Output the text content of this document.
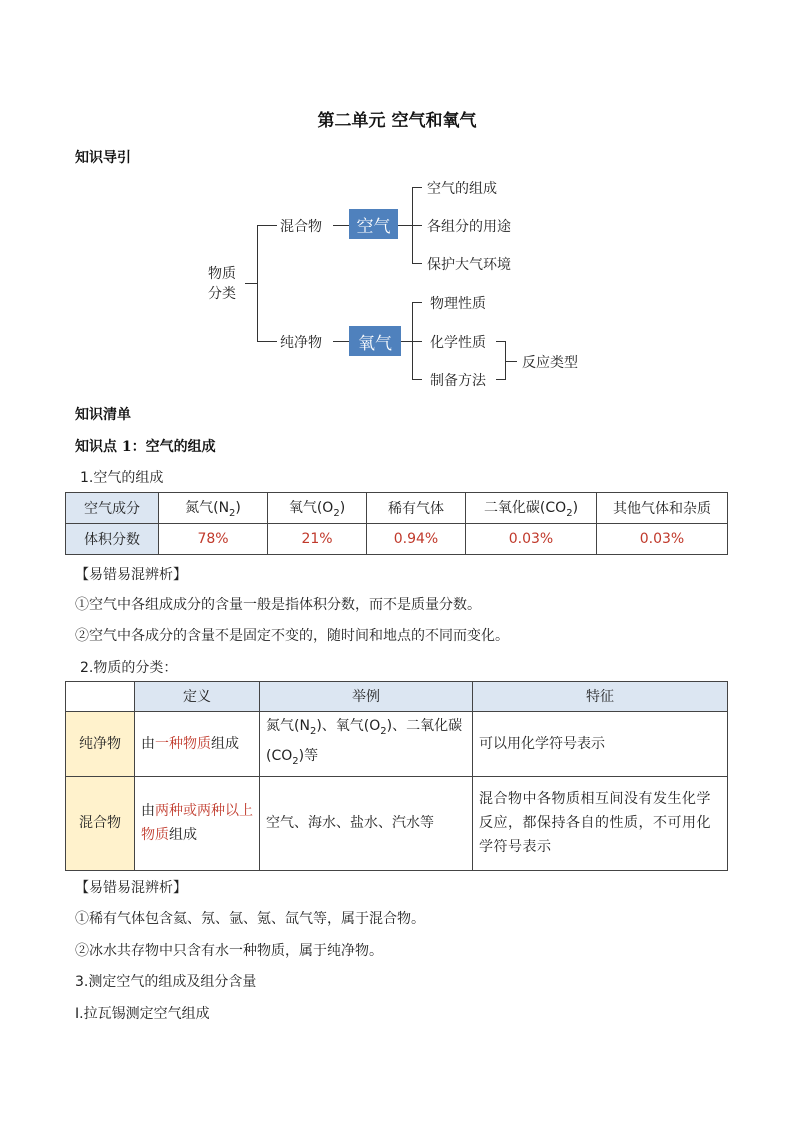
第二单元 空气和氧气
知识导引
物质
分类
混合物
纯净物
空气
氧气
空气的组成
各组分的用途
保护大气环境
物理性质
化学性质
制备方法
反应类型
知识清单
知识点 1：空气的组成
1.空气的组成
空气成分	氮气$(N_2)$	氧气$(O_2)$	稀有气体	二氧化碳$(CO_2)$	其他气体和杂质
体积分数	78%	21%	0.94%	0.03%	0.03%
【易错易混辨析】
①空气中各组成成分的含量一般是指体积分数，而不是质量分数。
②空气中各成分的含量不是固定不变的，随时间和地点的不同而变化。
2.物质的分类：
	定义	举例	特征
纯净物	由一种物质组成	氮气$(N_2)$、氧气$(O_2)$、二氧化碳$(CO_2)$等	可以用化学符号表示
混合物	由两种或两种以上物质组成	空气、海水、盐水、汽水等	混合物中各物质相互间没有发生化学反应，都保持各自的性质，不可用化学符号表示
【易错易混辨析】
①稀有气体包含氦、氖、氩、氪、氙气等，属于混合物。
②冰水共存物中只含有水一种物质，属于纯净物。
3.测定空气的组成及组分含量
Ⅰ.拉瓦锡测定空气组成
